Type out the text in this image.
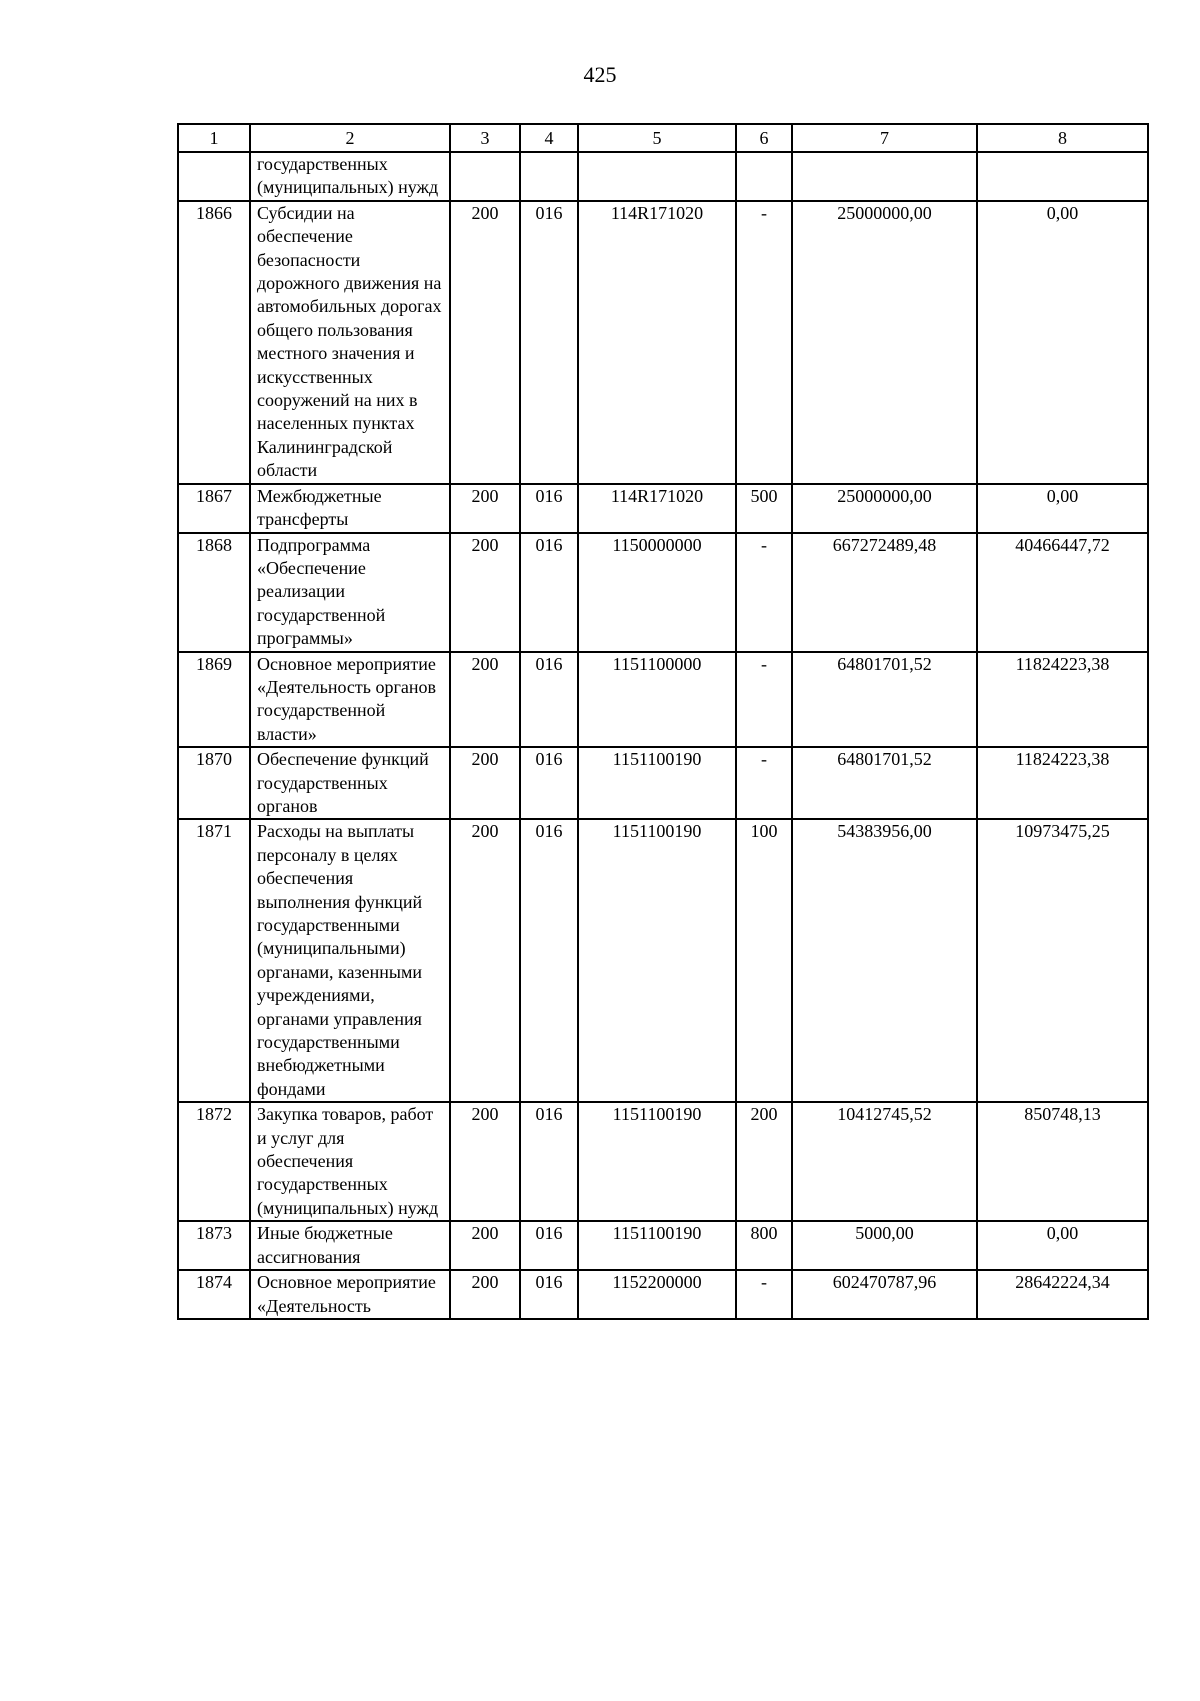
425
1	2	3	4	5	6	7	8
	государственных (муниципальных) нужд						
1866	Субсидии на обеспечение безопасности дорожного движения на автомобильных дорогах общего пользования местного значения и искусственных сооружений на них в населенных пунктах Калининградской области	200	016	114R171020	-	25000000,00	0,00
1867	Межбюджетные трансферты	200	016	114R171020	500	25000000,00	0,00
1868	Подпрограмма «Обеспечение реализации государственной программы»	200	016	1150000000	-	667272489,48	40466447,72
1869	Основное мероприятие «Деятельность органов государственной власти»	200	016	1151100000	-	64801701,52	11824223,38
1870	Обеспечение функций государственных органов	200	016	1151100190	-	64801701,52	11824223,38
1871	Расходы на выплаты персоналу в целях обеспечения выполнения функций государственными (муниципальными) органами, казенными учреждениями, органами управления государственными внебюджетными фондами	200	016	1151100190	100	54383956,00	10973475,25
1872	Закупка товаров, работ и услуг для обеспечения государственных (муниципальных) нужд	200	016	1151100190	200	10412745,52	850748,13
1873	Иные бюджетные ассигнования	200	016	1151100190	800	5000,00	0,00
1874	Основное мероприятие «Деятельность	200	016	1152200000	-	602470787,96	28642224,34
